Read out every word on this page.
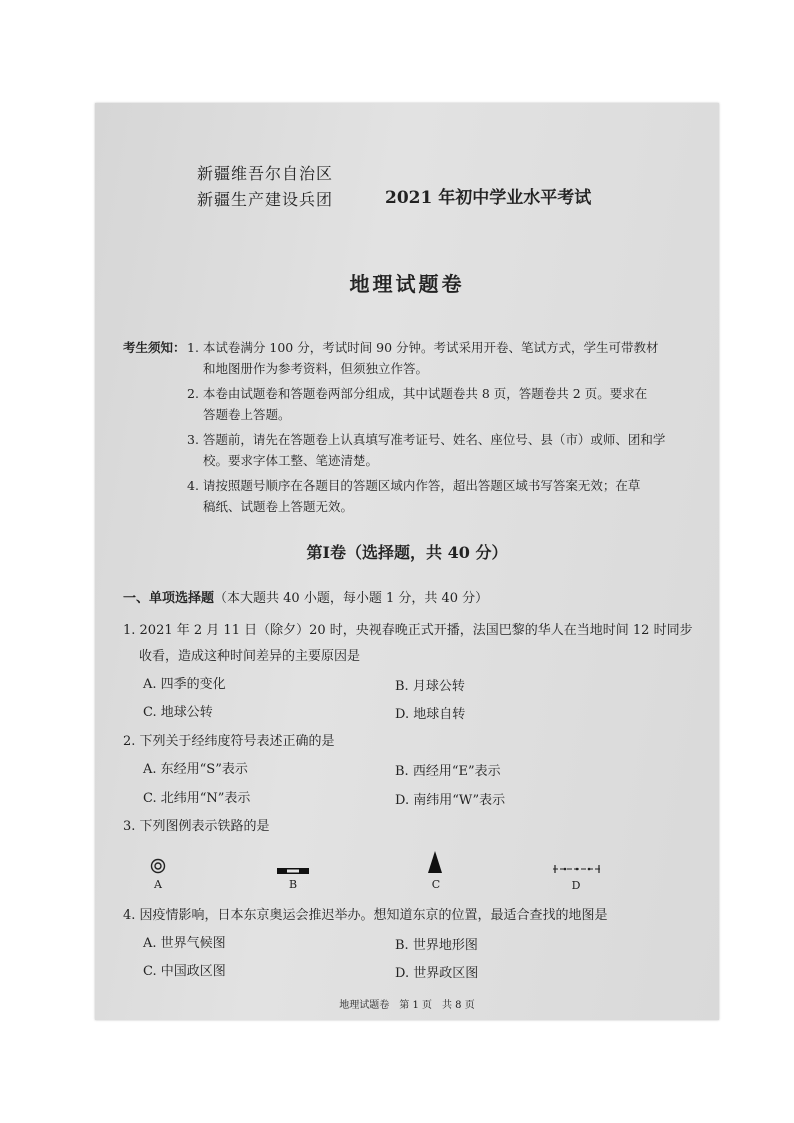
新疆维吾尔自治区
新疆生产建设兵团	2021 年初中学业水平考试
地理试题卷
考生须知： 1. 本试卷满分 100 分，考试时间 90 分钟。考试采用开卷、笔试方式，学生可带教材
和地图册作为参考资料，但须独立作答。
2. 本卷由试题卷和答题卷两部分组成，其中试题卷共 8 页，答题卷共 2 页。要求在
答题卷上答题。
3. 答题前，请先在答题卷上认真填写准考证号、姓名、座位号、县（市）或师、团和学
校。要求字体工整、笔迹清楚。
4. 请按照题号顺序在各题目的答题区域内作答，超出答题区域书写答案无效；在草
稿纸、试题卷上答题无效。
第Ⅰ卷（选择题，共 40 分）
一、单项选择题（本大题共 40 小题，每小题 1 分，共 40 分）
1. 2021 年 2 月 11 日（除夕）20 时，央视春晚正式开播，法国巴黎的华人在当地时间 12 时同步
收看，造成这种时间差异的主要原因是
A. 四季的变化	B. 月球公转
C. 地球公转	D. 地球自转
2. 下列关于经纬度符号表述正确的是
A. 东经用“S”表示	B. 西经用“E”表示
C. 北纬用“N”表示	D. 南纬用“W”表示
3. 下列图例表示铁路的是
A	B	C	D
4. 因疫情影响，日本东京奥运会推迟举办。想知道东京的位置，最适合查找的地图是
A. 世界气候图	B. 世界地形图
C. 中国政区图	D. 世界政区图
地理试题卷　第 1 页　共 8 页
